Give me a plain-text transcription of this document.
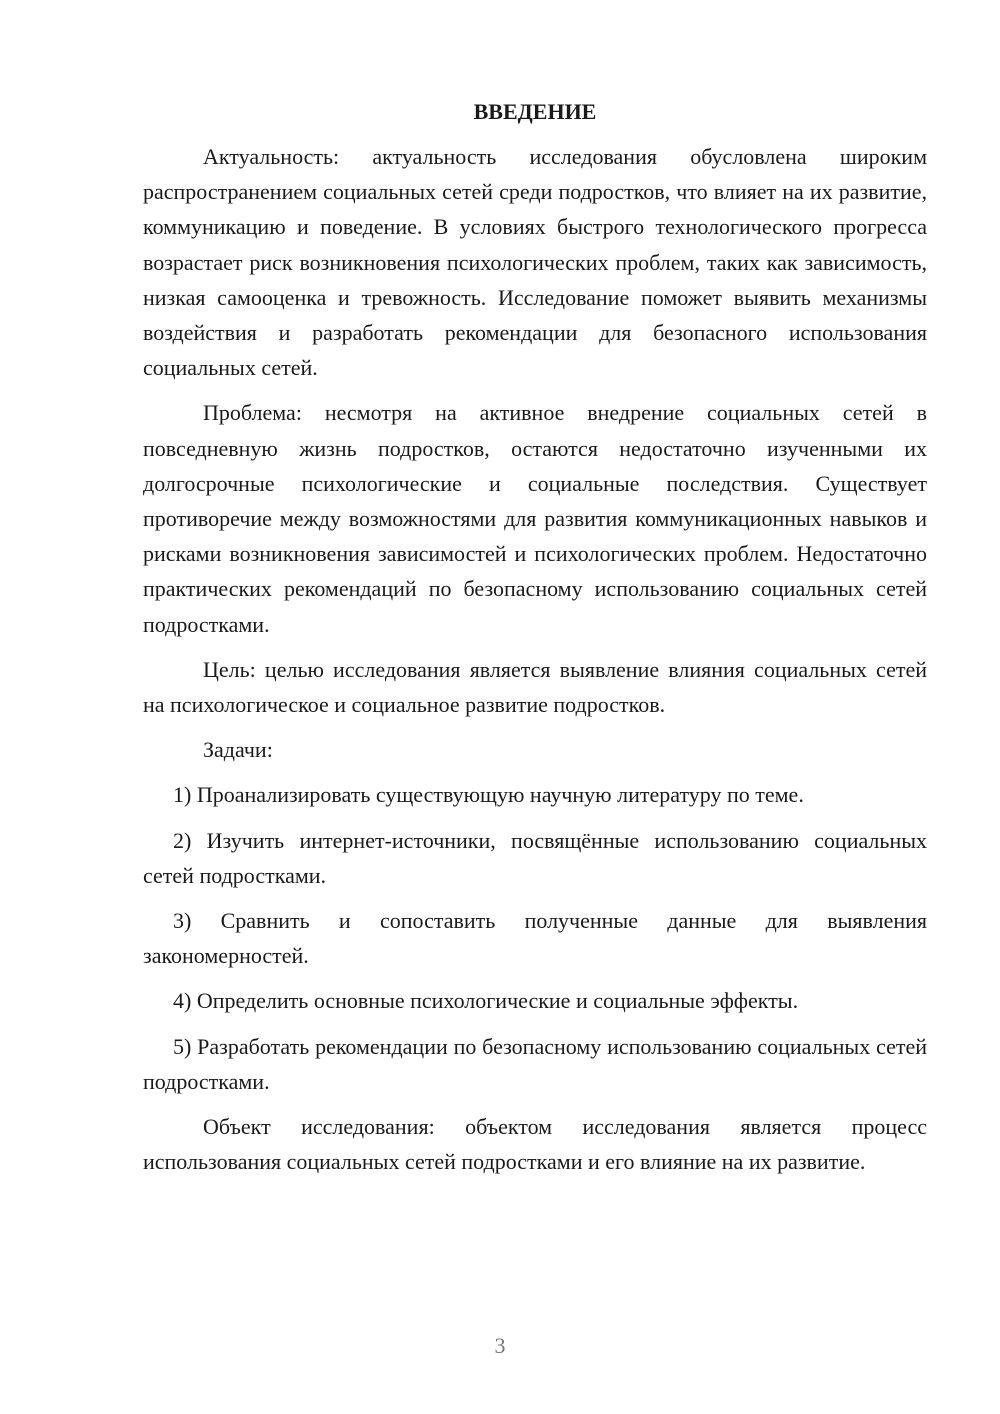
ВВЕДЕНИЕ

Актуальность: актуальность исследования обусловлена широким распространением социальных сетей среди подростков, что влияет на их развитие, коммуникацию и поведение. В условиях быстрого технологического прогресса возрастает риск возникновения психологических проблем, таких как зависимость, низкая самооценка и тревожность. Исследование поможет выявить механизмы воздействия и разработать рекомендации для безопасного использования социальных сетей.

Проблема: несмотря на активное внедрение социальных сетей в повседневную жизнь подростков, остаются недостаточно изученными их долгосрочные психологические и социальные последствия. Существует противоречие между возможностями для развития коммуникационных навыков и рисками возникновения зависимостей и психологических проблем. Недостаточно практических рекомендаций по безопасному использованию социальных сетей подростками.

Цель: целью исследования является выявление влияния социальных сетей на психологическое и социальное развитие подростков.

Задачи:

1) Проанализировать существующую научную литературу по теме.

2) Изучить интернет-источники, посвящённые использованию социальных сетей подростками.

3) Сравнить и сопоставить полученные данные для выявления закономерностей.

4) Определить основные психологические и социальные эффекты.

5) Разработать рекомендации по безопасному использованию социальных сетей подростками.

Объект исследования: объектом исследования является процесс использования социальных сетей подростками и его влияние на их развитие.

3
